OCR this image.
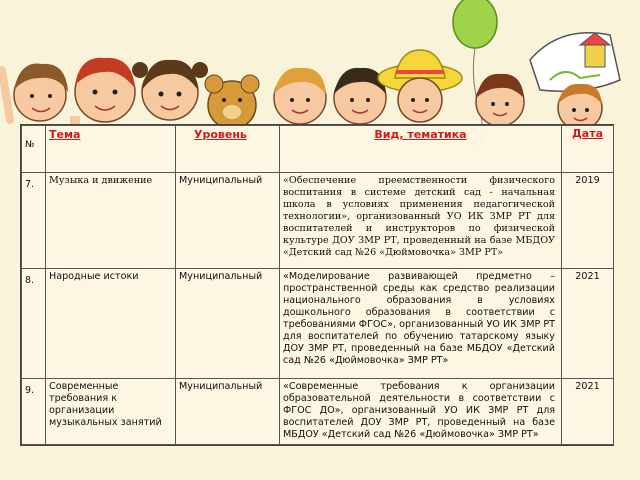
№	Тема	Уровень	Вид, тематика	Дата
7.	Музыка и движение	Муниципальный	«Обеспечение преемственности физического воспитания в системе детский сад - начальная школа в условиях применения педагогической технологии», организованный УО ИК ЗМР РТ для воспитателей и инструкторов по физической культуре ДОУ ЗМР РТ, проведенный на базе МБДОУ «Детский сад №26 «Дюймовочка» ЗМР РТ»	2019
8.	Народные истоки	Муниципальный	«Моделирование развивающей предметно – пространственной среды как средство реализации национального образования в условиях дошкольного образования в соответствии с требованиями ФГОС», организованный УО ИК ЗМР РТ для воспитателей по обучению татарскому языку ДОУ ЗМР РТ, проведенный на базе МБДОУ «Детский сад №26 «Дюймовочка» ЗМР РТ»	2021
9.	Современные требования к организации музыкальных занятий	Муниципальный	«Современные требования к организации образовательной деятельности в соответствии с ФГОС ДО», организованный УО ИК ЗМР РТ для воспитателей ДОУ ЗМР РТ, проведенный на базе МБДОУ «Детский сад №26 «Дюймовочка» ЗМР РТ»	2021
